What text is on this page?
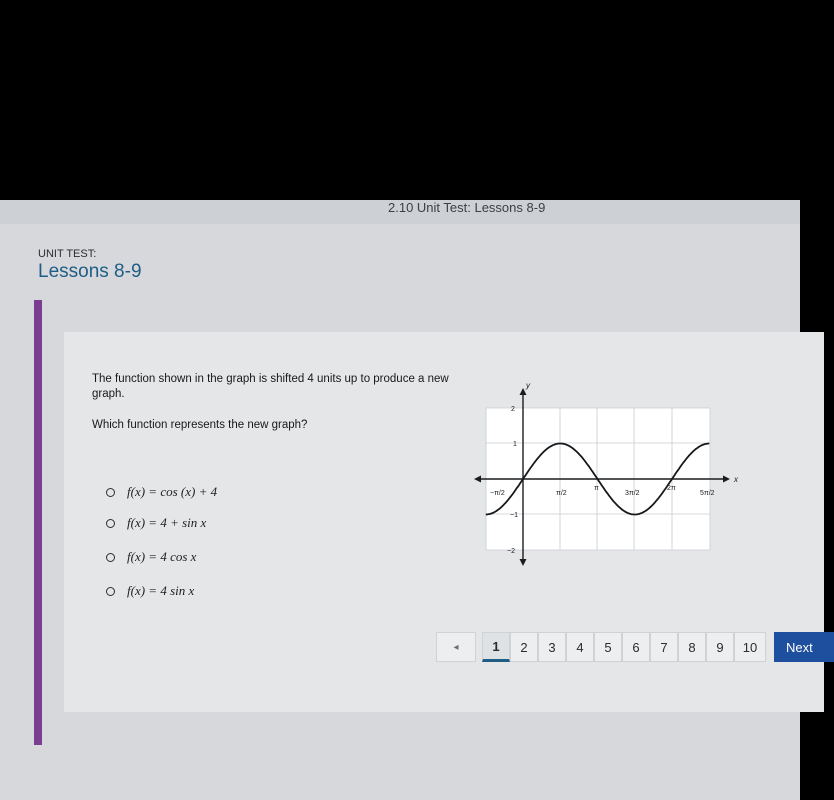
2.10 Unit Test: Lessons 8-9
UNIT TEST:
Lessons 8-9
The function shown in the graph is shifted 4 units up to produce a new graph.
Which function represents the new graph?
f(x) = cos (x) + 4
f(x) = 4 + sin x
f(x) = 4 cos x
f(x) = 4 sin x
x
y
−π/2	π/2
π
3π/2
2π
5π/2
2
1
−1
−2
◂	1	2	3	4	5	6	7	8	9	10	Next
